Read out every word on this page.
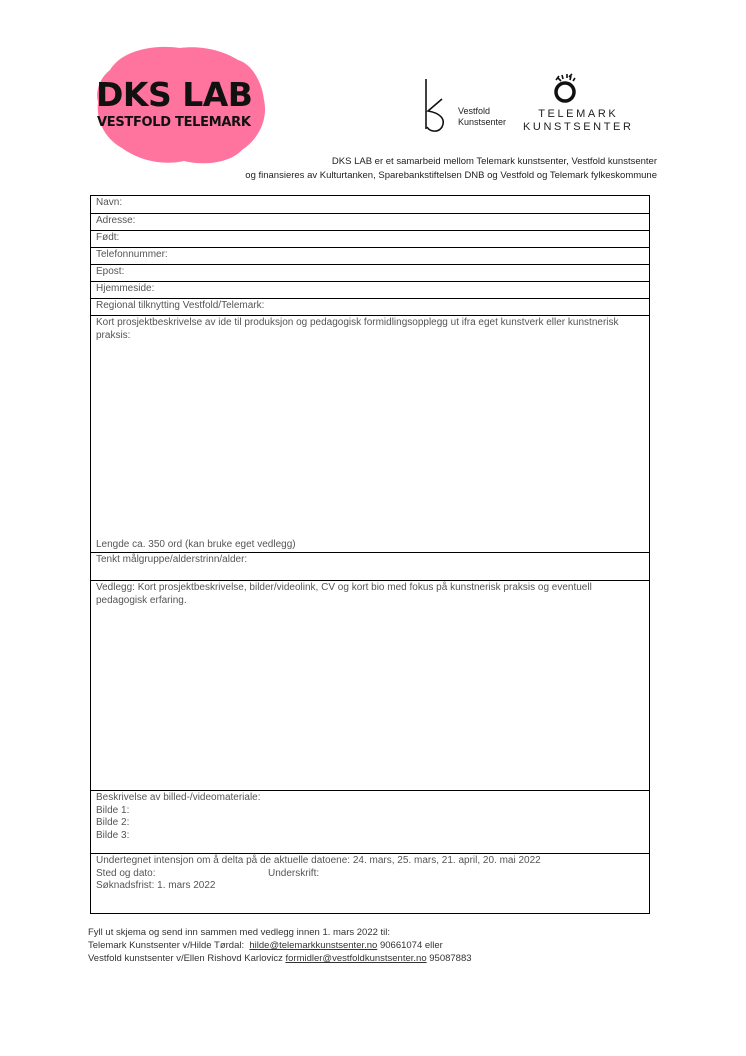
DKS LAB
VESTFOLD TELEMARK
Vestfold
Kunstsenter
TELEMARK
KUNSTSENTER
DKS LAB er et samarbeid mellom Telemark kunstsenter, Vestfold kunstsenter
og finansieres av Kulturtanken, Sparebankstiftelsen DNB og Vestfold og Telemark fylkeskommune
Navn:
Adresse:
Født:
Telefonnummer:
Epost:
Hjemmeside:
Regional tilknytting Vestfold/Telemark:
Kort prosjektbeskrivelse av ide til produksjon og pedagogisk formidlingsopplegg ut ifra eget kunstverk eller kunstnerisk praksis:
Lengde ca. 350 ord (kan bruke eget vedlegg)
Tenkt målgruppe/alderstrinn/alder:
Vedlegg: Kort prosjektbeskrivelse, bilder/videolink, CV og kort bio med fokus på kunstnerisk praksis og eventuell pedagogisk erfaring.
Beskrivelse av billed-/videomateriale:
Bilde 1:
Bilde 2:
Bilde 3:
Undertegnet intensjon om å delta på de aktuelle datoene: 24. mars, 25. mars, 21. april, 20. mai 2022
Sted og dato:	Underskrift:
Søknadsfrist: 1. mars 2022
Fyll ut skjema og send inn sammen med vedlegg innen 1. mars 2022 til:
Telemark Kunstsenter v/Hilde Tørdal:  hilde@telemarkkunstsenter.no 90661074 eller
Vestfold kunstsenter v/Ellen Rishovd Karlovicz formidler@vestfoldkunstsenter.no 95087883
